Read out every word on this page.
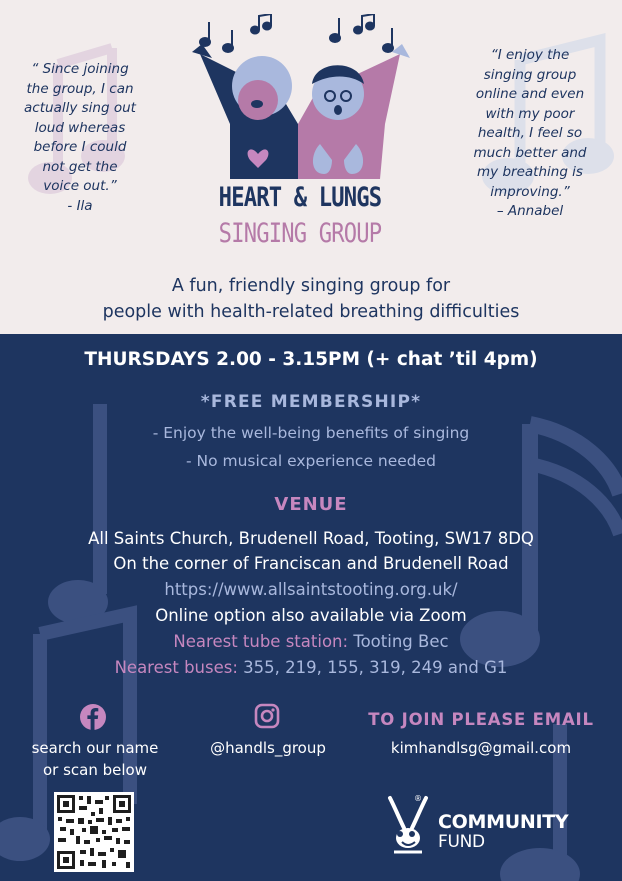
“ Since joining
the group, I can
actually sing out
loud whereas
before I could
not get the
voice out.”
- Ila
“I enjoy the
singing group
online and even
with my poor
health, I feel so
much better and
my breathing is
improving.”
– Annabel
HEART & LUNGS
SINGING GROUP
A fun, friendly singing group for
people with health-related breathing difficulties
THURSDAYS 2.00 - 3.15PM (+ chat ’til 4pm)
*FREE MEMBERSHIP*
- Enjoy the well-being benefits of singing
- No musical experience needed
VENUE
All Saints Church, Brudenell Road, Tooting, SW17 8DQ
On the corner of Franciscan and Brudenell Road
https://www.allsaintstooting.org.uk/
Online option also available via Zoom
Nearest tube station: Tooting Bec
Nearest buses: 355, 219, 155, 319, 249 and G1
search our name
or scan below
@handls_group
TO JOIN PLEASE EMAIL
kimhandlsg@gmail.com
®
COMMUNITY
FUND
